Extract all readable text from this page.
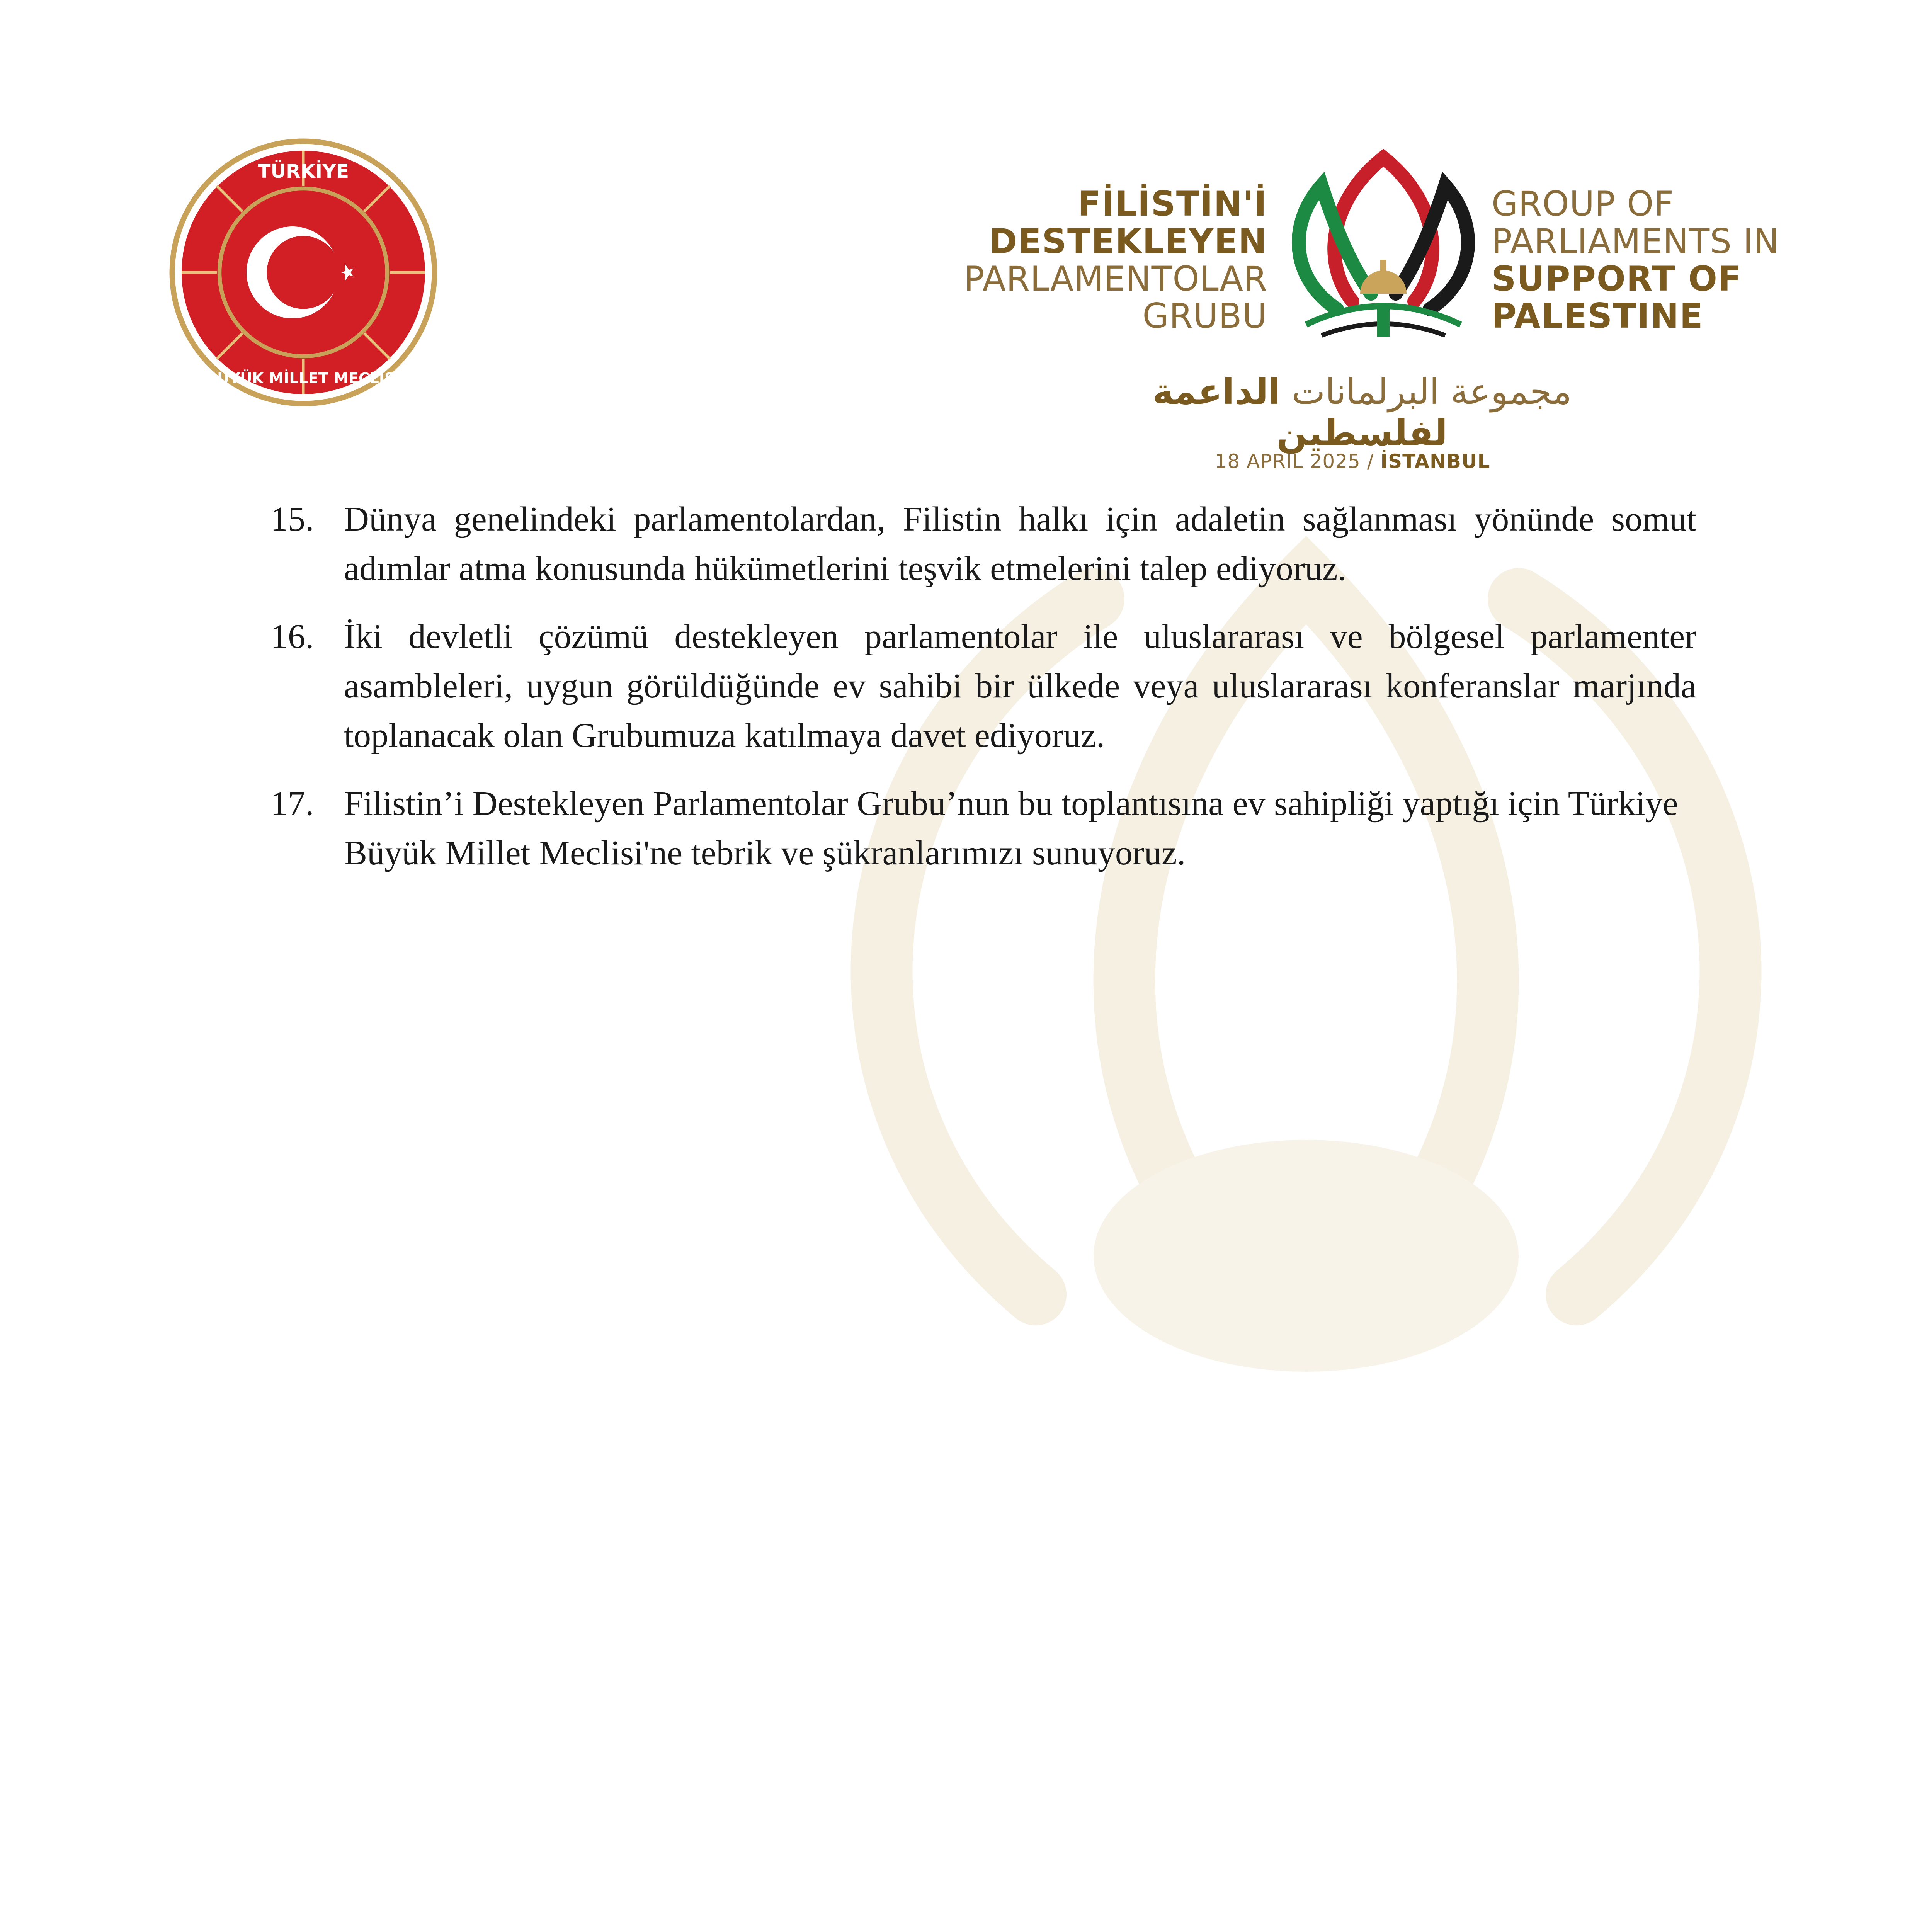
TÜRKİYE
BÜYÜK MİLLET MECLİSİ
FİLİSTİN'İ
DESTEKLEYEN
PARLAMENTOLAR
GRUBU
GROUP OF
PARLIAMENTS IN
SUPPORT OF
PALESTINE
مجموعة البرلمانات الداعمة لفلسطين
18 APRIL 2025 / İSTANBUL
15. Dünya genelindeki parlamentolardan, Filistin halkı için adaletin sağlanması yönünde somut adımlar atma konusunda hükümetlerini teşvik etmelerini talep ediyoruz.
16. İki devletli çözümü destekleyen parlamentolar ile uluslararası ve bölgesel parlamenter asambleleri, uygun görüldüğünde ev sahibi bir ülkede veya uluslararası konferanslar marjında toplanacak olan Grubumuza katılmaya davet ediyoruz.
17. Filistin’i Destekleyen Parlamentolar Grubu’nun bu toplantısına ev sahipliği yaptığı için Türkiye Büyük Millet Meclisi'ne tebrik ve şükranlarımızı sunuyoruz.
